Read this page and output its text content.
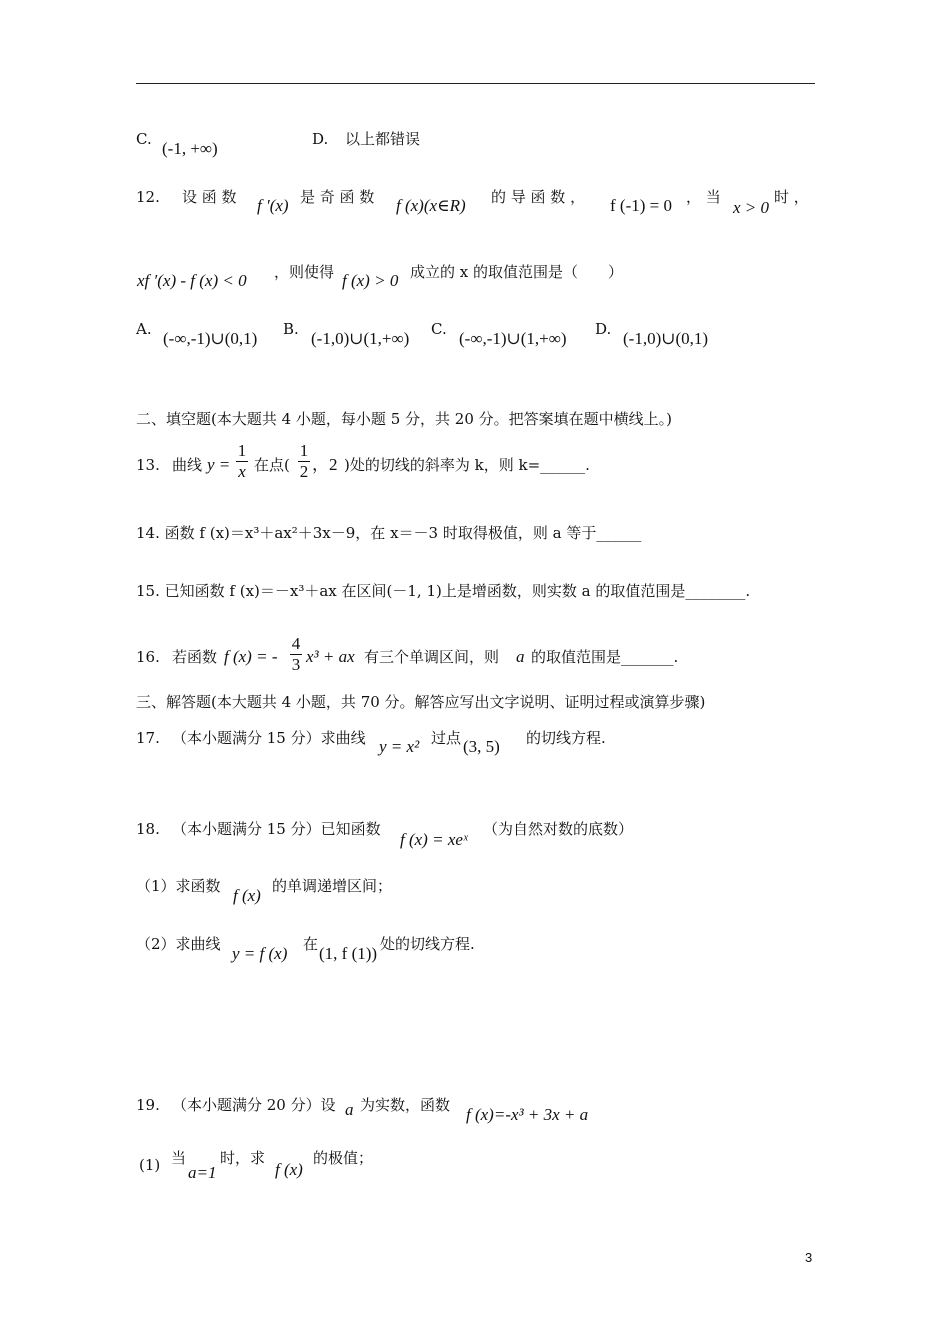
C. (-1, +∞)	D. 以上都错误
12. 设 函 数 f ′(x) 是 奇 函 数 f (x)(x∈R) 的 导 函 数 ， f (-1) = 0 ， 当
x > 0
时 ，
xf ′(x) - f (x) < 0 ，则使得 f (x) > 0 成立的 x 的取值范围是（　　）
A. (-∞,-1)∪(0,1) B. (-1,0)∪(1,+∞) C. (-∞,-1)∪(1,+∞) D. (-1,0)∪(0,1)
二、填空题(本大题共 4 小题，每小题 5 分，共 20 分。把答案填在题中横线上。)
13. 曲线 $y = \frac{1}{x}$ 在点( $\frac{1}{2}$ ，2 )处的切线的斜率为 k，则 k=______.
14. 函数 f (x)＝x³＋ax²＋3x－9，在 x＝－3 时取得极值，则 a 等于______
15. 已知函数 f (x)＝－x³＋ax 在区间(－1, 1)上是增函数，则实数 a 的取值范围是________.
16. 若函数 f (x) = - $\frac{4}{3} x^3$ + ax 有三个单调区间，则 a 的取值范围是_______.
三、解答题(本大题共 4 小题，共 70 分。解答应写出文字说明、证明过程或演算步骤)
17. （本小题满分 15 分）求曲线 y = x² 过点 (3, 5) 的切线方程.
18. （本小题满分 15 分）已知函数
f (x) = xeˣ
（为自然对数的底数）
（1）求函数 f (x) 的单调递增区间；
（2）求曲线 y = f (x) 在 (1, f (1)) 处的切线方程.
19. （本小题满分 20 分）设 a 为实数，函数 f (x)=-x³ + 3x + a
(1) 当
a=1
时，求
f (x)
的极值；
3
